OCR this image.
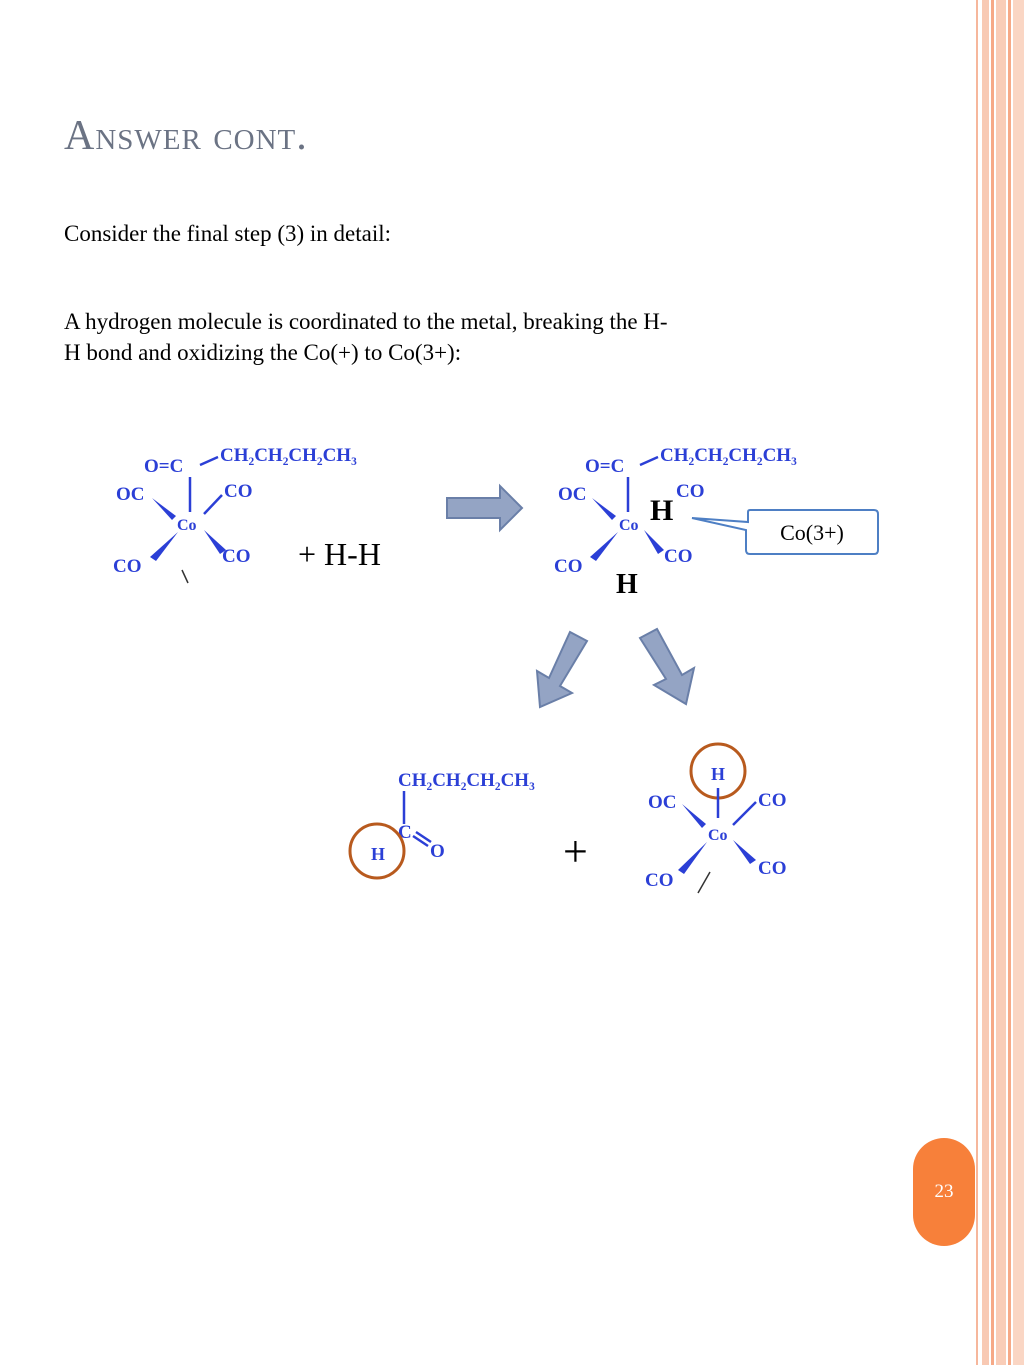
Answer cont.
Consider the final step (3) in detail:
A hydrogen molecule is coordinated to the metal, breaking the H-
H bond and oxidizing the Co(+) to Co(3+):
O=C
CH₂CH₂CH₂CH₃
OC	CO
Co
CO	CO + H-H
O=C
CH₂CH₂CH₂CH₃
OC	CO
Co
CO	CO
H
H
Co(3+)
CH₂CH₂CH₂CH₃
C
O
H	+
H
OC	CO
Co
CO
CO
23
